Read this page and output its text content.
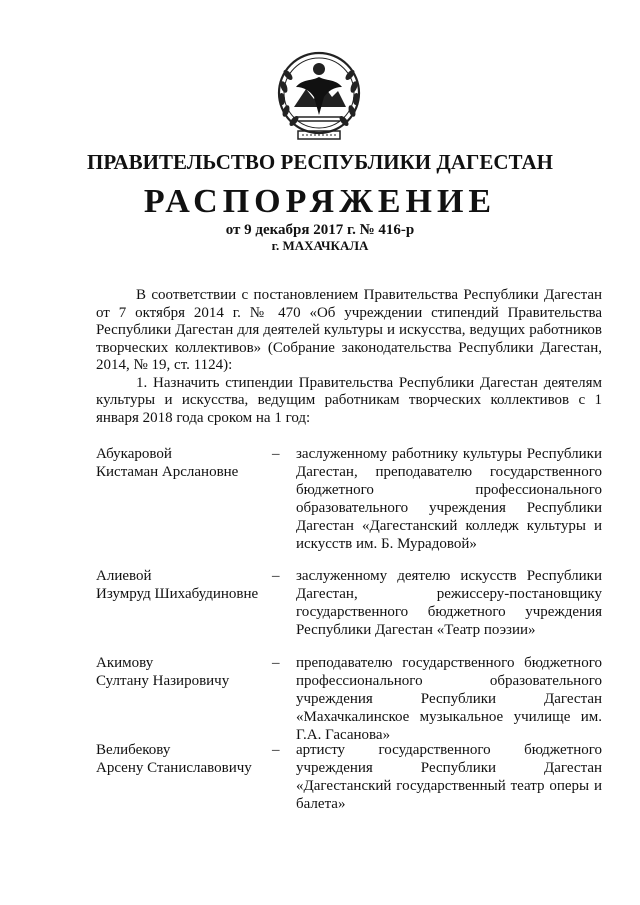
ПРАВИТЕЛЬСТВО РЕСПУБЛИКИ ДАГЕСТАН
РАСПОРЯЖЕНИЕ
от 9 декабря 2017 г. № 416-р
г. МАХАЧКАЛА

В соответствии с постановлением Правительства Республики Дагестан от 7 октября 2014 г. № 470 «Об учреждении стипендий Правительства Республики Дагестан для деятелей культуры и искусства, ведущих работников творческих коллективов» (Собрание законодательства Республики Дагестан, 2014, № 19, ст. 1124):

1. Назначить стипендии Правительства Республики Дагестан деятелям культуры и искусства, ведущим работникам творческих коллективов с 1 января 2018 года сроком на 1 год:

Абукаровой
Кистаман Арслановне
– заслуженному работнику культуры Республики Дагестан, преподавателю государственного бюджетного профессионального образовательного учреждения Республики Дагестан «Дагестанский колледж культуры и искусств им. Б. Мурадовой»
Алиевой
Изумруд Шихабудиновне
– заслуженному деятелю искусств Республики Дагестан, режиссеру-постановщику государственного бюджетного учреждения Республики Дагестан «Театр поэзии»
Акимову
Султану Назировичу
– преподавателю государственного бюджетного профессионального образовательного учреждения Республики Дагестан «Махачкалинское музыкальное училище им. Г.А. Гасанова»
Велибекову
Арсену Станиславовичу
– артисту государственного бюджетного учреждения Республики Дагестан «Дагестанский государственный театр оперы и балета»
